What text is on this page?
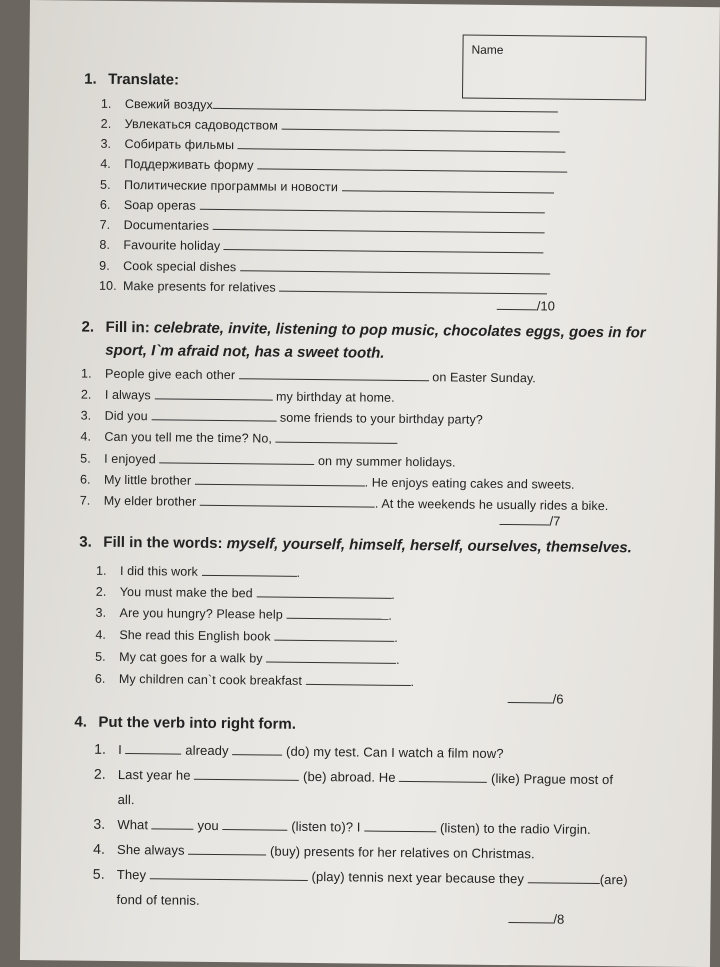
Name
1. Translate:
1. Свежий воздух
2. Увлекаться садоводством
3. Собирать фильмы
4. Поддерживать форму
5. Политические программы и новости
6. Soap operas
7. Documentaries
8. Favourite holiday
9. Cook special dishes
10. Make presents for relatives
/10
2. Fill in: celebrate, invite, listening to pop music, chocolates eggs, goes in for
sport, I`m afraid not, has a sweet tooth.
1. People give each other	on Easter Sunday.
2. I always	my birthday at home.
3. Did you	some friends to your birthday party?
4. Can you tell me the time? No,
5. I enjoyed	on my summer holidays.
6. My little brother	. He enjoys eating cakes and sweets.
7. My elder brother	. At the weekends he usually rides a bike.
/7
3. Fill in the words: myself, yourself, himself, herself, ourselves, themselves.
1. I did this work	.
2. You must make the bed	.
3. Are you hungry? Please help	.
4. She read this English book	.
5. My cat goes for a walk by	.
6. My children can`t cook breakfast	.
/6
4. Put the verb into right form.
1. I	already	(do) my test. Can I watch a film now?
2. Last year he	(be) abroad. He	(like) Prague most of
all.
3. What	you	(listen to)? I	(listen) to the radio Virgin.
4. She always	(buy) presents for her relatives on Christmas.
5. They	(play) tennis next year because they	(are)
fond of tennis.
/8
